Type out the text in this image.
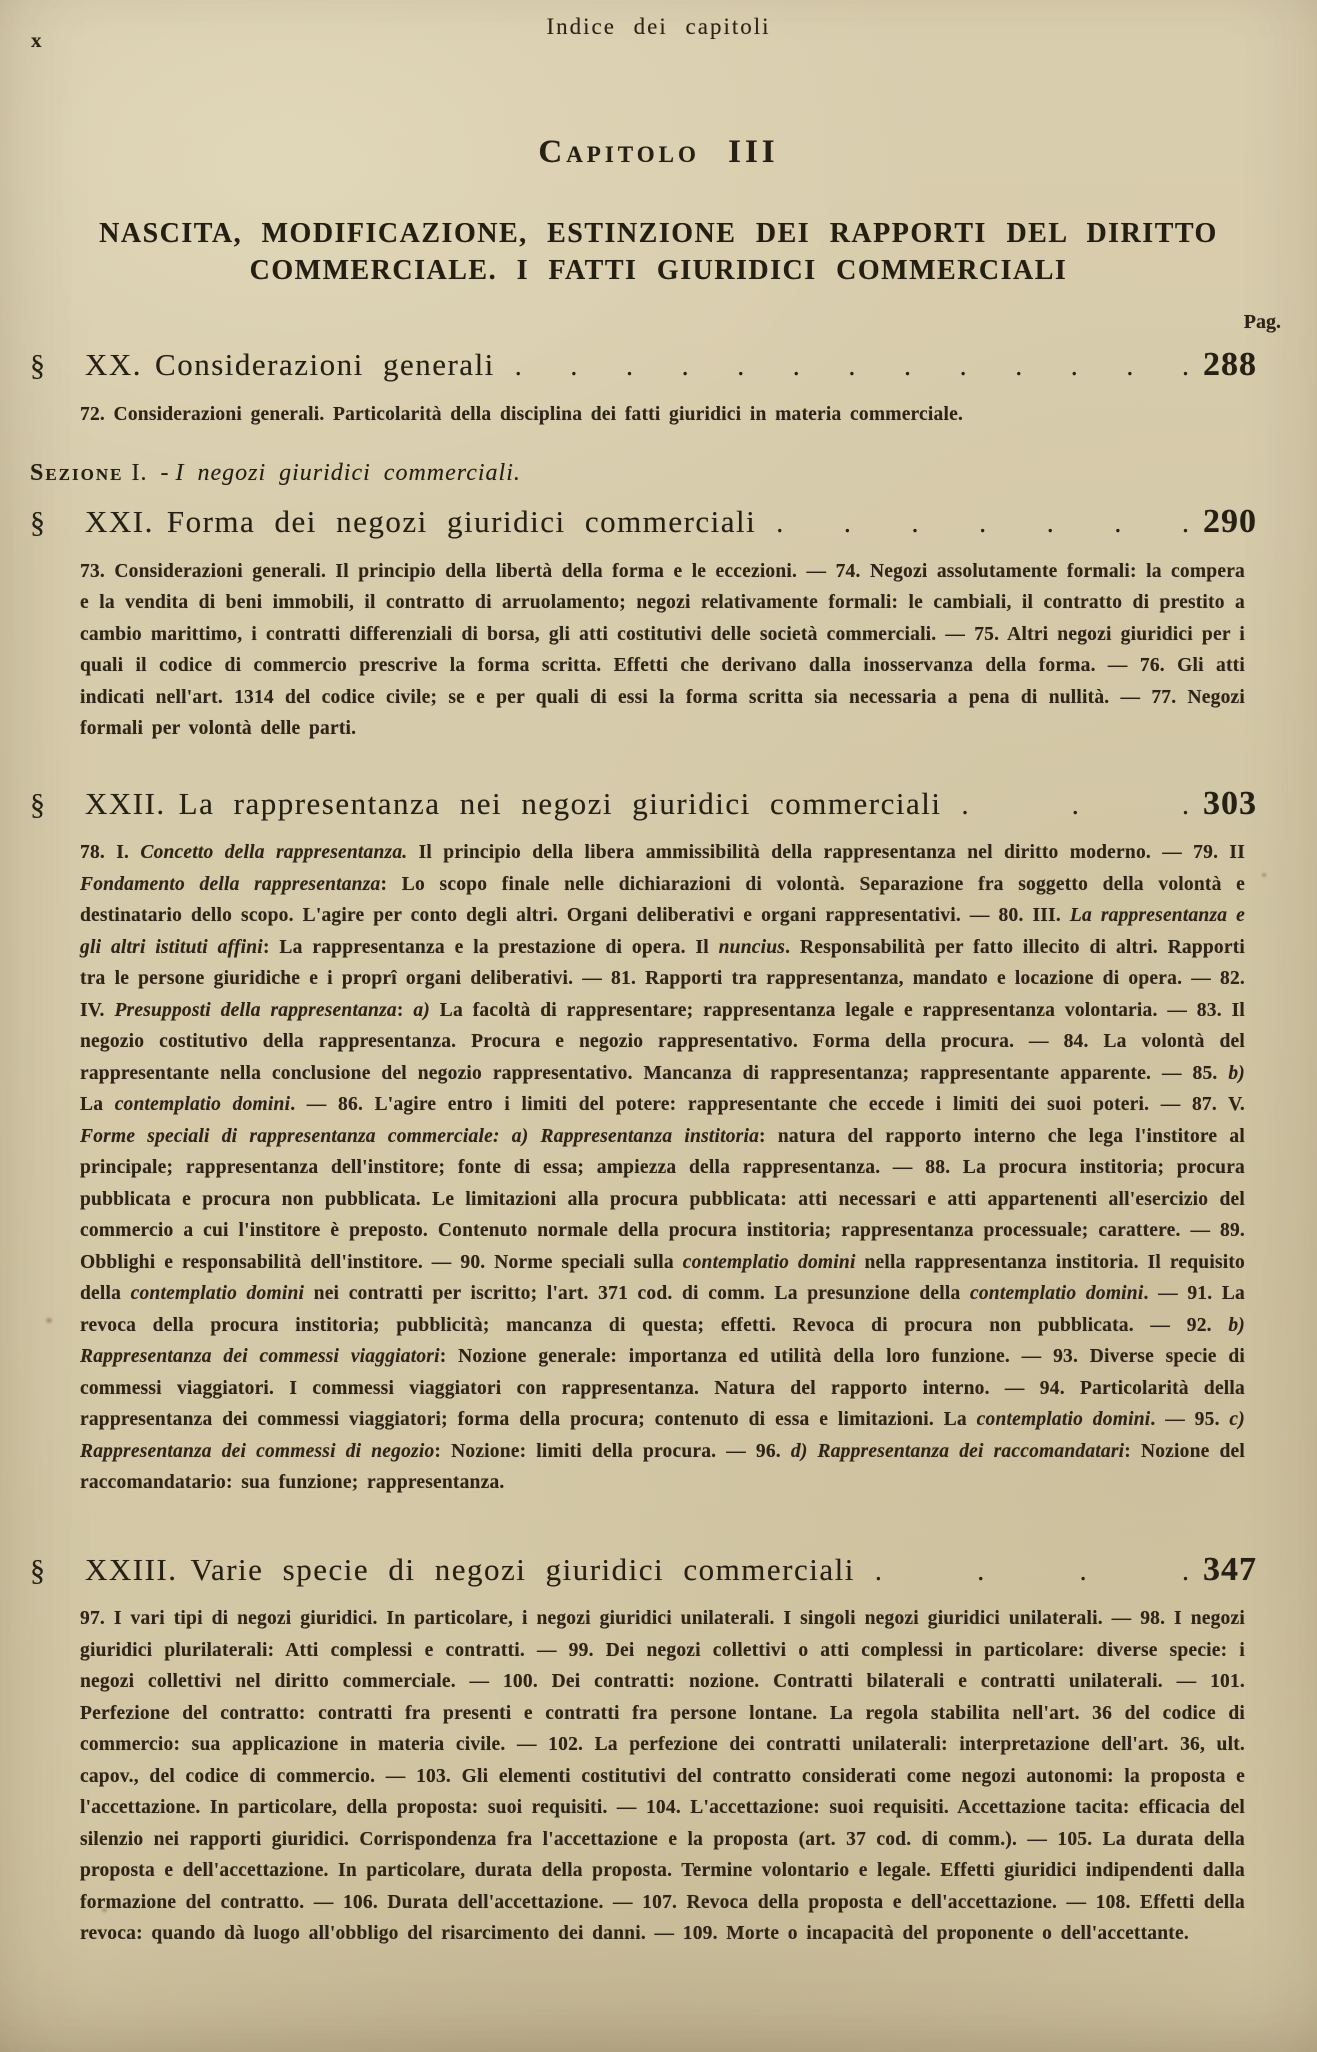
x
Indice dei capitoli
Capitolo III
NASCITA, MODIFICAZIONE, ESTINZIONE DEI RAPPORTI DEL DIRITTO
COMMERCIALE. I FATTI GIURIDICI COMMERCIALI
Pag.
§	XX. Considerazioni generali . . . . . . . . . . . . . 288

72. Considerazioni generali. Particolarità della disciplina dei fatti giuridici in materia commerciale.

Sezione I. - I negozi giuridici commerciali.
§	XXI. Forma dei negozi giuridici commerciali . . . . . . . 290

73. Considerazioni generali. Il principio della libertà della forma e le eccezioni. — 74. Negozi assolutamente formali: la compera e la vendita di beni immobili, il contratto di arruolamento; negozi relativamente formali: le cambiali, il contratto di prestito a cambio marittimo, i contratti differenziali di borsa, gli atti costitutivi delle società commerciali. — 75. Altri negozi giuridici per i quali il codice di commercio prescrive la forma scritta. Effetti che derivano dalla inosservanza della forma. — 76. Gli atti indicati nell'art. 1314 del codice civile; se e per quali di essi la forma scritta sia necessaria a pena di nullità. — 77. Negozi formali per volontà delle parti.

§	XXII. La rappresentanza nei negozi giuridici commerciali . . . 303

78. I. Concetto della rappresentanza. Il principio della libera ammissibilità della rappresentanza nel diritto moderno. — 79. II Fondamento della rappresentanza: Lo scopo finale nelle dichiarazioni di volontà. Separazione fra soggetto della volontà e destinatario dello scopo. L'agire per conto degli altri. Organi deliberativi e organi rappresentativi. — 80. III. La rappresentanza e gli altri istituti affini: La rappresentanza e la prestazione di opera. Il nuncius. Responsabilità per fatto illecito di altri. Rapporti tra le persone giuridiche e i proprî organi deliberativi. — 81. Rapporti tra rappresentanza, mandato e locazione di opera. — 82. IV. Presupposti della rappresentanza: a) La facoltà di rappresentare; rappresentanza legale e rappresentanza volontaria. — 83. Il negozio costitutivo della rappresentanza. Procura e negozio rappresentativo. Forma della procura. — 84. La volontà del rappresentante nella conclusione del negozio rappresentativo. Mancanza di rappresentanza; rappresentante apparente. — 85. b) La contemplatio domini. — 86. L'agire entro i limiti del potere: rappresentante che eccede i limiti dei suoi poteri. — 87. V. Forme speciali di rappresentanza commerciale: a) Rappresentanza institoria: natura del rapporto interno che lega l'institore al principale; rappresentanza dell'institore; fonte di essa; ampiezza della rappresentanza. — 88. La procura institoria; procura pubblicata e procura non pubblicata. Le limitazioni alla procura pubblicata: atti necessari e atti appartenenti all'esercizio del commercio a cui l'institore è preposto. Contenuto normale della procura institoria; rappresentanza processuale; carattere. — 89. Obblighi e responsabilità dell'institore. — 90. Norme speciali sulla contemplatio domini nella rappresentanza institoria. Il requisito della contemplatio domini nei contratti per iscritto; l'art. 371 cod. di comm. La presunzione della contemplatio domini. — 91. La revoca della procura institoria; pubblicità; mancanza di questa; effetti. Revoca di procura non pubblicata. — 92. b) Rappresentanza dei commessi viaggiatori: Nozione generale: importanza ed utilità della loro funzione. — 93. Diverse specie di commessi viaggiatori. I commessi viaggiatori con rappresentanza. Natura del rapporto interno. — 94. Particolarità della rappresentanza dei commessi viaggiatori; forma della procura; contenuto di essa e limitazioni. La contemplatio domini. — 95. c) Rappresentanza dei commessi di negozio: Nozione: limiti della procura. — 96. d) Rappresentanza dei raccomandatari: Nozione del raccomandatario: sua funzione; rappresentanza.

§	XXIII. Varie specie di negozi giuridici commerciali . . . . 347

97. I vari tipi di negozi giuridici. In particolare, i negozi giuridici unilaterali. I singoli negozi giuridici unilaterali. — 98. I negozi giuridici plurilaterali: Atti complessi e contratti. — 99. Dei negozi collettivi o atti complessi in particolare: diverse specie: i negozi collettivi nel diritto commerciale. — 100. Dei contratti: nozione. Contratti bilaterali e contratti unilaterali. — 101. Perfezione del contratto: contratti fra presenti e contratti fra persone lontane. La regola stabilita nell'art. 36 del codice di commercio: sua applicazione in materia civile. — 102. La perfezione dei contratti unilaterali: interpretazione dell'art. 36, ult. capov., del codice di commercio. — 103. Gli elementi costitutivi del contratto considerati come negozi autonomi: la proposta e l'accettazione. In particolare, della proposta: suoi requisiti. — 104. L'accettazione: suoi requisiti. Accettazione tacita: efficacia del silenzio nei rapporti giuridici. Corrispondenza fra l'accettazione e la proposta (art. 37 cod. di comm.). — 105. La durata della proposta e dell'accettazione. In particolare, durata della proposta. Termine volontario e legale. Effetti giuridici indipendenti dalla formazione del contratto. — 106. Durata dell'accettazione. — 107. Revoca della proposta e dell'accettazione. — 108. Effetti della revoca: quando dà luogo all'obbligo del risarcimento dei danni. — 109. Morte o incapacità del proponente o dell'accettante.
